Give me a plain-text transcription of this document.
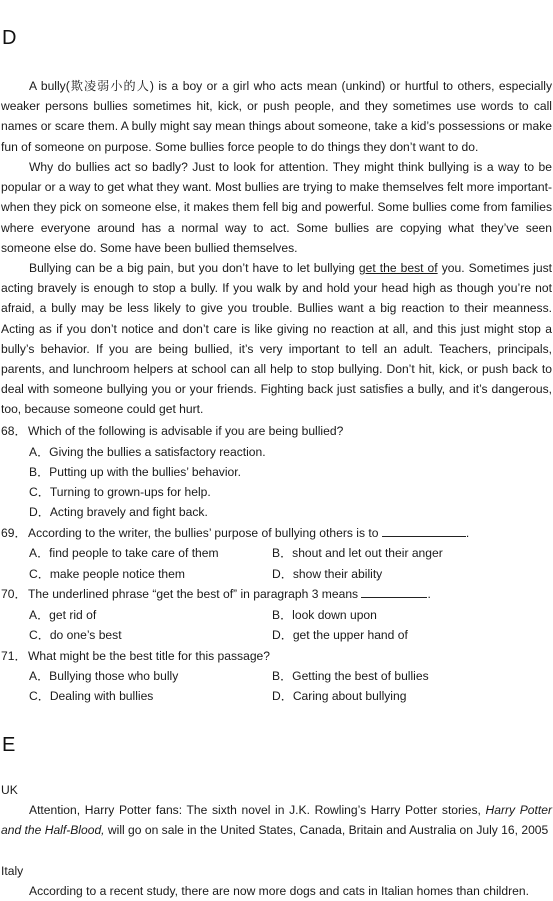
D

A bully(欺凌弱小的人) is a boy or a girl who acts mean (unkind) or hurtful to others, especially weaker persons bullies sometimes hit, kick, or push people, and they sometimes use words to call names or scare them. A bully might say mean things about someone, take a kid’s possessions or make fun of someone on purpose. Some bullies force people to do things they don’t want to do.

Why do bullies act so badly? Just to look for attention. They might think bullying is a way to be popular or a way to get what they want. Most bullies are trying to make themselves felt more important-when they pick on someone else, it makes them fell big and powerful. Some bullies come from families where everyone around has a normal way to act. Some bullies are copying what they’ve seen someone else do. Some have been bullied themselves.

Bullying can be a big pain, but you don’t have to let bullying get the best of you. Sometimes just acting bravely is enough to stop a bully. If you walk by and hold your head high as though you’re not afraid, a bully may be less likely to give you trouble. Bullies want a big reaction to their meanness. Acting as if you don’t notice and don’t care is like giving no reaction at all, and this just might stop a bully’s behavior. If you are being bullied, it’s very important to tell an adult. Teachers, principals, parents, and lunchroom helpers at school can all help to stop bullying. Don’t hit, kick, or push back to deal with someone bullying you or your friends. Fighting back just satisfies a bully, and it’s dangerous, too, because someone could get hurt.

68．Which of the following is advisable if you are being bullied?
A．Giving the bullies a satisfactory reaction.
B．Putting up with the bullies’ behavior.
C．Turning to grown-ups for help.
D．Acting bravely and fight back.
69．According to the writer, the bullies’ purpose of bullying others is to	.
A．find people to take care of them	B．shout and let out their anger
C．make people notice them	D．show their ability
70．The underlined phrase “get the best of” in paragraph 3 means	.
A．get rid of	B．look down upon
C．do one’s best	D．get the upper hand of
71．What might be the best title for this passage?
A．Bullying those who bully	B．Getting the best of bullies
C．Dealing with bullies	D．Caring about bullying
E
UK

Attention, Harry Potter fans: The sixth novel in J.K. Rowling’s Harry Potter stories, Harry Potter and the Half-Blood, will go on sale in the United States, Canada, Britain and Australia on July 16, 2005

Italy

According to a recent study, there are now more dogs and cats in Italian homes than children.
